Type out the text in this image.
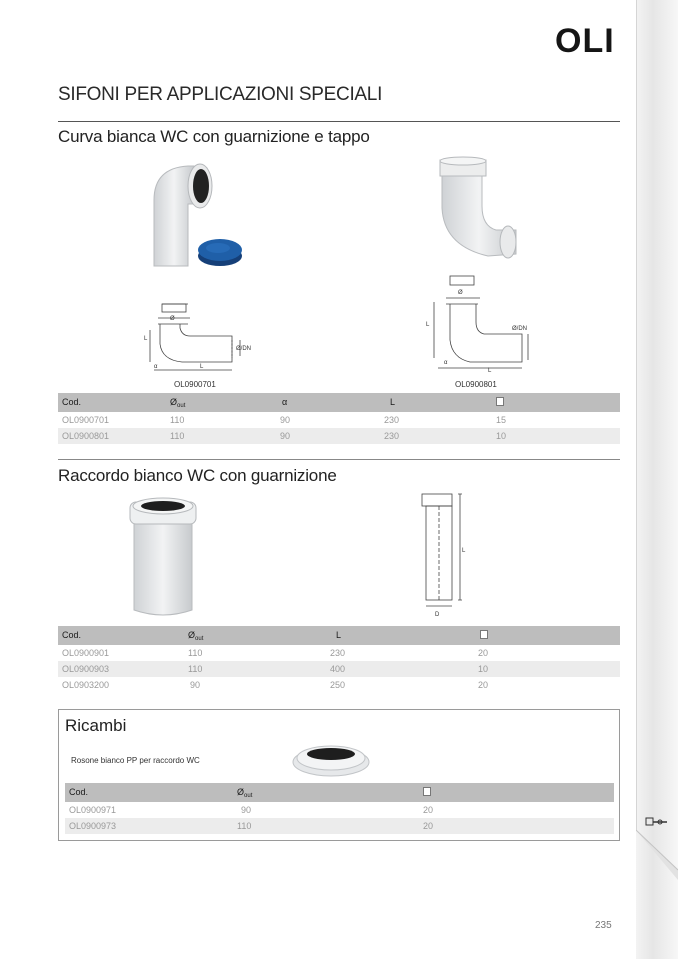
OLI
SIFONI PER APPLICAZIONI SPECIALI
Curva bianca WC con guarnizione e tappo
Ø
L
Ø/DN
L
α
OL0900701
Ø
L
Ø/DN
L
α
OL0900801
Cod.	$Ø_{out}$	α	L
OL0900701	110	90	230	15
OL0900801	110	90	230	10
Raccordo bianco WC con guarnizione
L
D
Cod.	$Ø_{out}$	L
OL0900901	110	230	20
OL0900903	110	400	10
OL0903200	90	250	20
Ricambi
Rosone bianco PP per raccordo WC
Cod.	$Ø_{out}$
OL0900971	90	20
OL0900973	110	20
235
